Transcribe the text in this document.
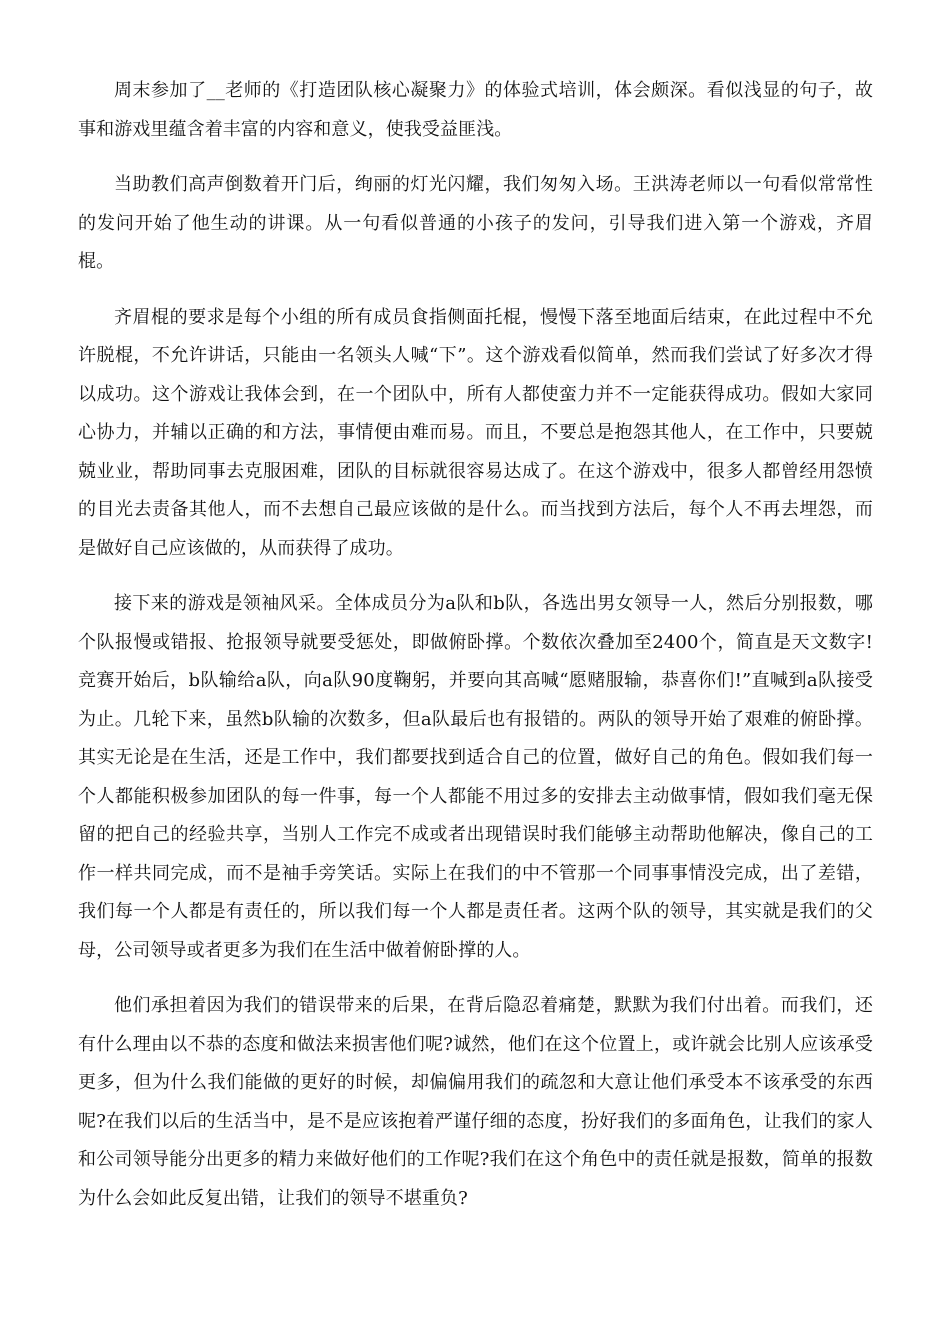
周末参加了__老师的《打造团队核心凝聚力》的体验式培训，体会颇深。看似浅显的句子，故事和游戏里蕴含着丰富的内容和意义，使我受益匪浅。

当助教们高声倒数着开门后，绚丽的灯光闪耀，我们匆匆入场。王洪涛老师以一句看似常常性的发问开始了他生动的讲课。从一句看似普通的小孩子的发问，引导我们进入第一个游戏，齐眉棍。

齐眉棍的要求是每个小组的所有成员食指侧面托棍，慢慢下落至地面后结束，在此过程中不允许脱棍，不允许讲话，只能由一名领头人喊“下”。这个游戏看似简单，然而我们尝试了好多次才得以成功。这个游戏让我体会到，在一个团队中，所有人都使蛮力并不一定能获得成功。假如大家同心协力，并辅以正确的和方法，事情便由难而易。而且，不要总是抱怨其他人，在工作中，只要兢兢业业，帮助同事去克服困难，团队的目标就很容易达成了。在这个游戏中，很多人都曾经用怨愤的目光去责备其他人，而不去想自己最应该做的是什么。而当找到方法后，每个人不再去埋怨，而是做好自己应该做的，从而获得了成功。

接下来的游戏是领袖风采。全体成员分为a队和b队，各选出男女领导一人，然后分别报数，哪个队报慢或错报、抢报领导就要受惩处，即做俯卧撑。个数依次叠加至2400个，简直是天文数字!竞赛开始后，b队输给a队，向a队90度鞠躬，并要向其高喊“愿赌服输，恭喜你们!”直喊到a队接受为止。几轮下来，虽然b队输的次数多，但a队最后也有报错的。两队的领导开始了艰难的俯卧撑。其实无论是在生活，还是工作中，我们都要找到适合自己的位置，做好自己的角色。假如我们每一个人都能积极参加团队的每一件事，每一个人都能不用过多的安排去主动做事情，假如我们毫无保留的把自己的经验共享，当别人工作完不成或者出现错误时我们能够主动帮助他解决，像自己的工作一样共同完成，而不是袖手旁笑话。实际上在我们的中不管那一个同事事情没完成，出了差错，我们每一个人都是有责任的，所以我们每一个人都是责任者。这两个队的领导，其实就是我们的父母，公司领导或者更多为我们在生活中做着俯卧撑的人。

他们承担着因为我们的错误带来的后果，在背后隐忍着痛楚，默默为我们付出着。而我们，还有什么理由以不恭的态度和做法来损害他们呢?诚然，他们在这个位置上，或许就会比别人应该承受更多，但为什么我们能做的更好的时候，却偏偏用我们的疏忽和大意让他们承受本不该承受的东西呢?在我们以后的生活当中，是不是应该抱着严谨仔细的态度，扮好我们的多面角色，让我们的家人和公司领导能分出更多的精力来做好他们的工作呢?我们在这个角色中的责任就是报数，简单的报数为什么会如此反复出错，让我们的领导不堪重负?
